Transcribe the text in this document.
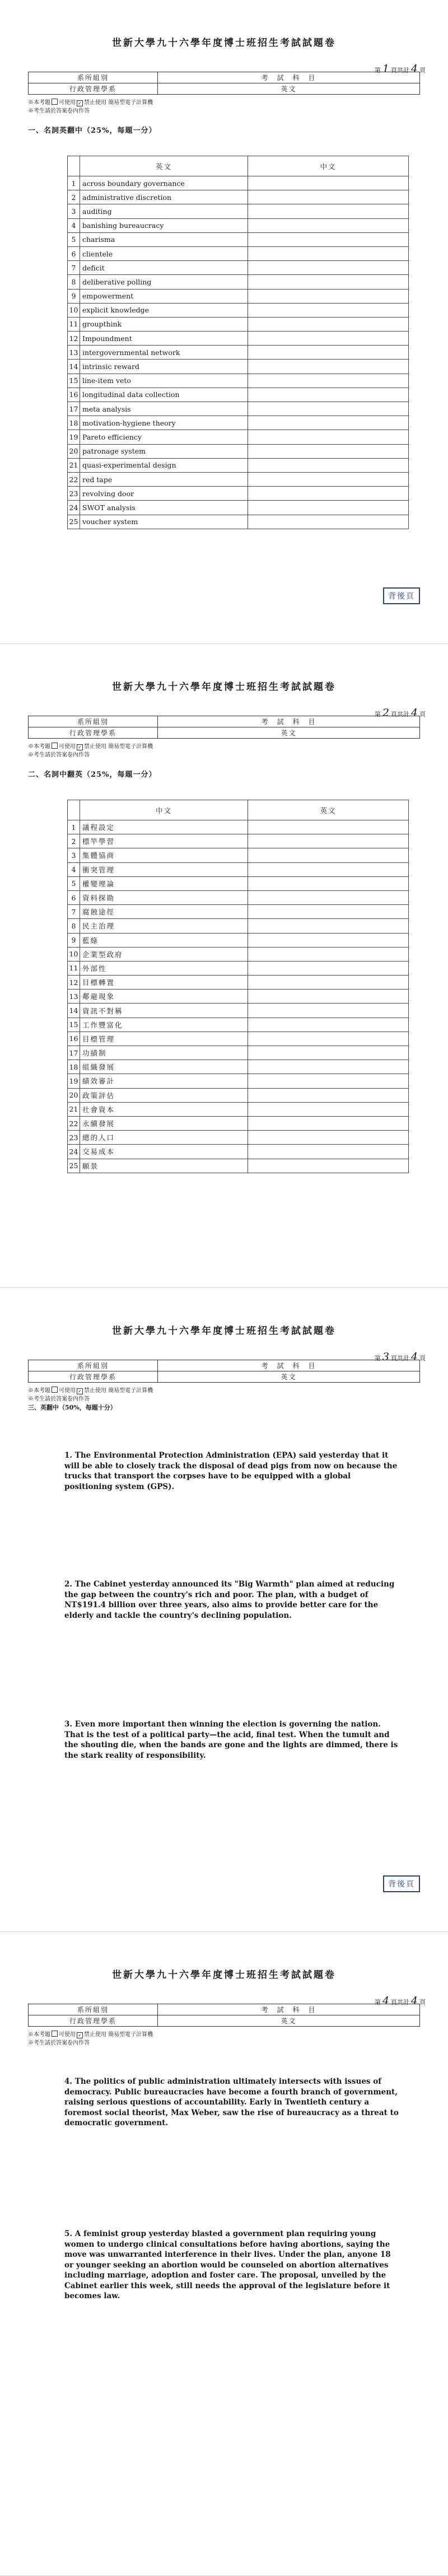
世新大學九十六學年度博士班招生考試試題卷
第 1 頁共計 4 頁
系所組別	考　試　科　目
行政管理學系	英文
※本考題 可使用 ✓ 禁止使用 簡易型電子計算機
※考生請於答案卷內作答
一、名詞英翻中（25%，每題一分）
	英文	中文
1	across boundary governance	
2	administrative discretion	
3	auditing	
4	banishing bureaucracy	
5	charisma	
6	clientele	
7	deficit	
8	deliberative polling	
9	empowerment	
10	explicit knowledge	
11	groupthink	
12	Impoundment	
13	intergovernmental network	
14	intrinsic reward	
15	line-item veto	
16	longitudinal data collection	
17	meta analysis	
18	motivation-hygiene theory	
19	Pareto efficiency	
20	patronage system	
21	quasi-experimental design	
22	red tape	
23	revolving door	
24	SWOT analysis	
25	voucher system	
背後頁
世新大學九十六學年度博士班招生考試試題卷
第 2 頁共計 4 頁
系所組別	考　試　科　目
行政管理學系	英文
※本考題 可使用 ✓ 禁止使用 簡易型電子計算機
※考生請於答案卷內作答
二、名詞中翻英（25%，每題一分）
	中文	英文
1	議程設定	
2	標竿學習	
3	集體協商	
4	衝突管理	
5	權變理論	
6	資料探勘	
7	腐蝕途徑	
8	民主治理	
9	藍綠	
10	企業型政府	
11	外部性	
12	目標轉置	
13	鄰避現象	
14	資訊不對稱	
15	工作豐富化	
16	目標管理	
17	功績制	
18	組織發展	
19	績效審計	
20	政策評估	
21	社會資本	
22	永續發展	
23	總的人口	
24	交易成本	
25	願景	
世新大學九十六學年度博士班招生考試試題卷
第 3 頁共計 4 頁
系所組別	考　試　科　目
行政管理學系	英文
※本考題 可使用 ✓ 禁止使用 簡易型電子計算機
※考生請於答案卷內作答
三、英翻中（50%，每題十分）
1. The Environmental Protection Administration (EPA) said yesterday that it will be able to closely track the disposal of dead pigs from now on because the trucks that transport the corpses have to be equipped with a global positioning system (GPS).
2. The Cabinet yesterday announced its "Big Warmth" plan aimed at reducing the gap between the country's rich and poor. The plan, with a budget of NT$191.4 billion over three years, also aims to provide better care for the elderly and tackle the country's declining population.
3. Even more important then winning the election is governing the nation. That is the test of a political party—the acid, final test. When the tumult and the shouting die, when the bands are gone and the lights are dimmed, there is the stark reality of responsibility.
背後頁
世新大學九十六學年度博士班招生考試試題卷
第 4 頁共計 4 頁
系所組別	考　試　科　目
行政管理學系	英文
※本考題 可使用 ✓ 禁止使用 簡易型電子計算機
※考生請於答案卷內作答
4. The politics of public administration ultimately intersects with issues of democracy. Public bureaucracies have become a fourth branch of government, raising serious questions of accountability. Early in Twentieth century a foremost social theorist, Max Weber, saw the rise of bureaucracy as a threat to democratic government.
5. A feminist group yesterday blasted a government plan requiring young women to undergo clinical consultations before having abortions, saying the move was unwarranted interference in their lives. Under the plan, anyone 18 or younger seeking an abortion would be counseled on abortion alternatives including marriage, adoption and foster care. The proposal, unveiled by the Cabinet earlier this week, still needs the approval of the legislature before it becomes law.
